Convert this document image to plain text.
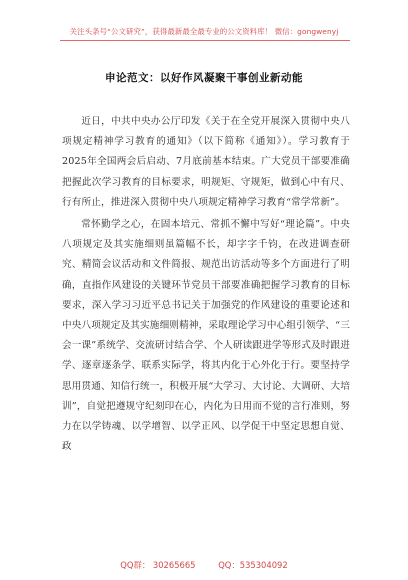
关注头条号“公文研究”，获得最新最全最专业的公文资料库！ 微信：gongwenyj
申论范文：以好作风凝聚干事创业新动能

近日，中共中央办公厅印发《关于在全党开展深入贯彻中央八项规定精神学习教育的通知》（以下简称《通知》）。学习教育于2025年全国两会后启动、7月底前基本结束。广大党员干部要准确把握此次学习教育的目标要求，明规矩、守规矩，做到心中有尺、行有所止，推进深入贯彻中央八项规定精神学习教育“常学常新”。

常怀勤学之心，在固本培元、常抓不懈中写好“理论篇”。中央八项规定及其实施细则虽篇幅不长，却字字千钧，在改进调查研究、精简会议活动和文件简报、规范出访活动等多个方面进行了明确，直指作风建设的关键环节党员干部要准确把握学习教育的目标要求，深入学习习近平总书记关于加强党的作风建设的重要论述和中央八项规定及其实施细则精神，采取理论学习中心组引领学、“三会一课”系统学、交流研讨结合学、个人研读跟进学等形式及时跟进学、逐章逐条学、联系实际学，将其内化于心外化于行。要坚持学思用贯通、知信行统一，积极开展“大学习、大讨论、大调研、大培训”，自觉把遵规守纪刻印在心，内化为日用而不觉的言行准则，努力在以学铸魂、以学增智、以学正风、以学促干中坚定思想自觉、政

QQ群： 30265665	QQ：535304092
